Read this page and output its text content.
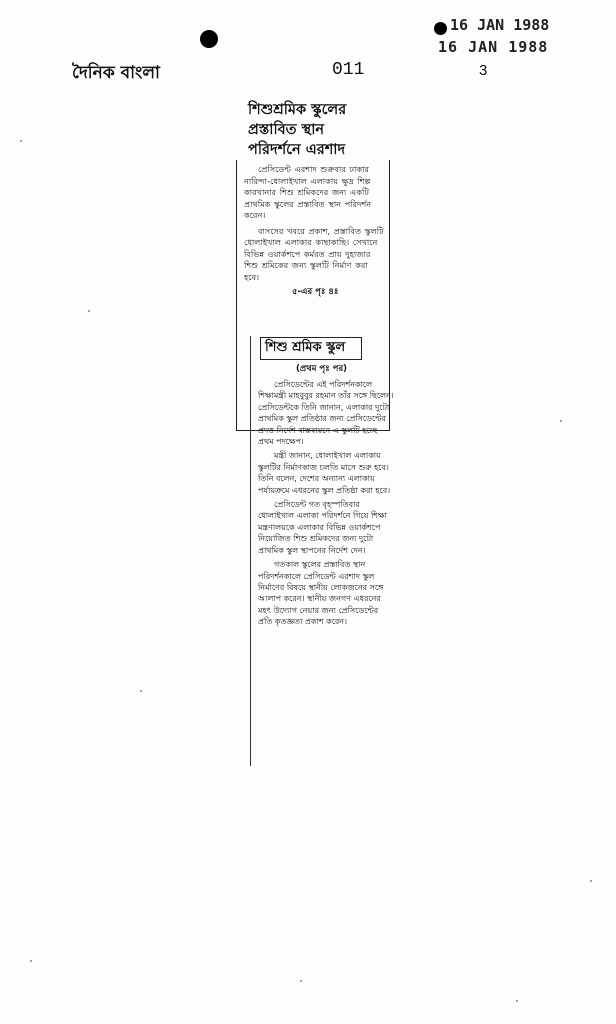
16 JAN 1988
16 JAN 1988
দৈনিক বাংলা	011	3
শিশুশ্রমিক স্কুলের
প্রস্তাবিত স্থান
পরিদর্শনে এরশাদ

প্রেসিডেন্ট এরশাদ শুক্রবার ঢাকার নারিন্দা-ধোলাইখাল এলাকায় ক্ষুদ্র শিল্প কারখানার শিশু শ্রমিকদের জন্য একটি প্রাথমিক স্কুলের প্রস্তাবিত স্থান পরিদর্শন করেন।

বাসসের খবরে প্রকাশ, প্রস্তাবিত স্কুলটি ধোলাইখাল এলাকার কাছাকাছি। সেখানে বিভিন্ন ওয়ার্কশপে কর্মরত প্রায় দুহাজার শিশু শ্রমিকের জন্য স্কুলটি নির্মাণ করা হবে।

৫-এর পৃঃ ৪ঃ
শিশু শ্রমিক স্কুল
(প্রথম পৃঃ পর)

প্রেসিডেন্টের এই পরিদর্শনকালে শিক্ষামন্ত্রী মাহবুবুর রহমান তাঁর সঙ্গে ছিলেন। প্রেসিডেন্টকে তিনি জানান, এলাকার দুটো প্রাথমিক স্কুল প্রতিষ্ঠার জন্য প্রেসিডেন্টের প্রদত্ত নির্দেশ বাস্তবায়নে এ স্কুলটি হচ্ছে প্রথম পদক্ষেপ।

মন্ত্রী জানান, ধোলাইখাল এলাকায় স্কুলটির নির্মাণকাজ চলতি মাসে শুরু হবে। তিনি বলেন, দেশের অন্যান্য এলাকায় পর্যায়ক্রমে এধরনের স্কুল প্রতিষ্ঠা করা হবে।

প্রেসিডেন্ট গত বৃহস্পতিবার ধোলাইখাল এলাকা পরিদর্শনে গিয়ে শিক্ষা মন্ত্রণালয়কে এলাকার বিভিন্ন ওয়ার্কশপে নিয়োজিত শিশু শ্রমিকদের জন্য দুটো প্রাথমিক স্কুল স্থাপনের নির্দেশ দেন।

গতকাল স্কুলের প্রস্তাবিত স্থান পরিদর্শনকালে প্রেসিডেন্ট এরশাদ স্কুল নির্মাণের বিষয়ে স্থানীয় লোকজনের সঙ্গে আলাপ করেন। স্থানীয় জনগণ এধরনের মহৎ উদ্যোগ নেয়ার জন্য প্রেসিডেন্টের প্রতি কৃতজ্ঞতা প্রকাশ করেন।
